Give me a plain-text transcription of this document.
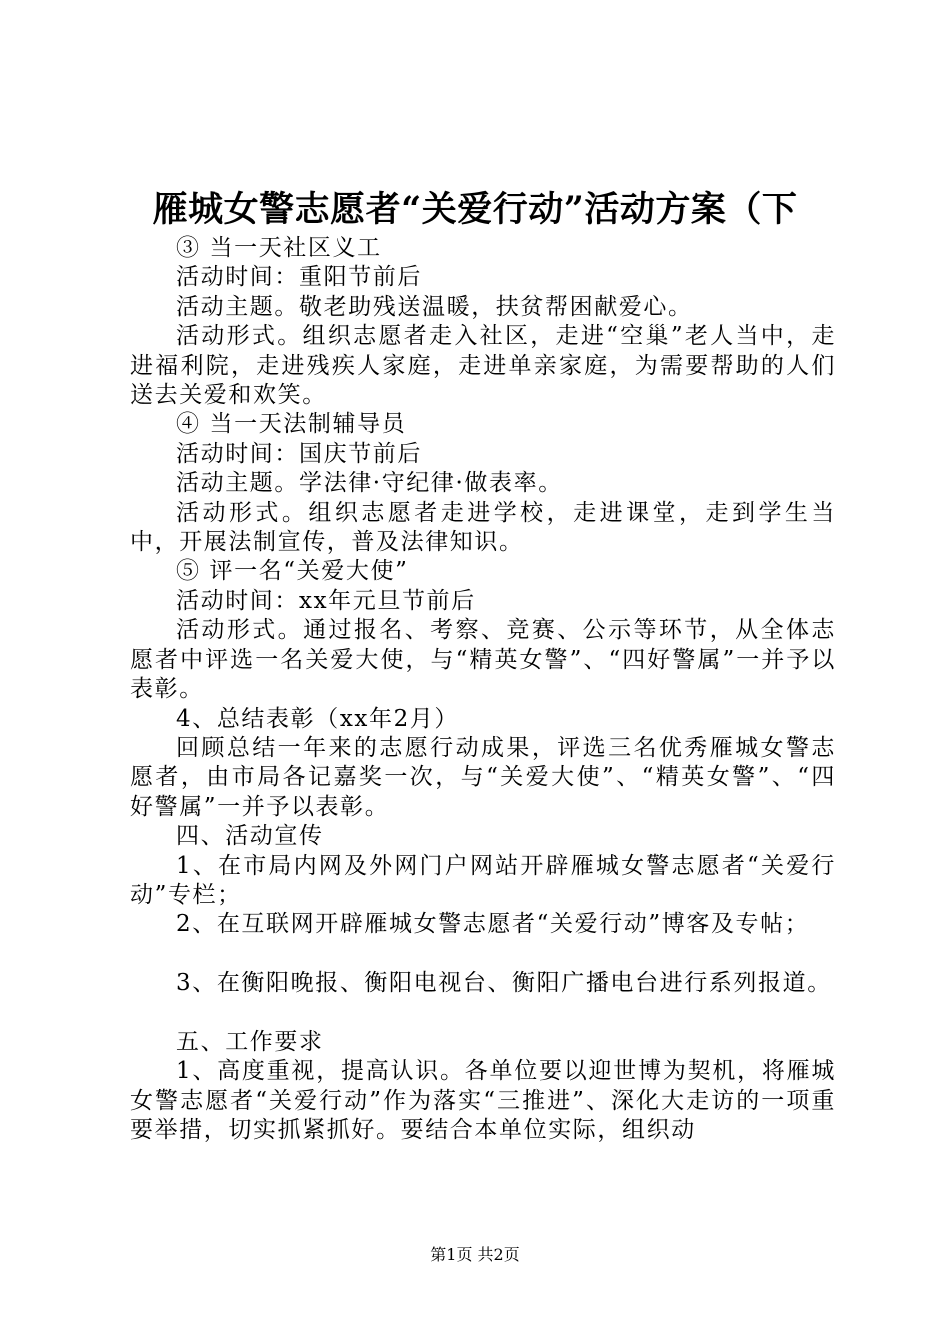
雁城女警志愿者“关爱行动”活动方案（下

③ 当一天社区义工

活动时间：重阳节前后

活动主题。敬老助残送温暖，扶贫帮困献爱心。

活动形式。组织志愿者走入社区，走进“空巢”老人当中，走进福利院，走进残疾人家庭，走进单亲家庭，为需要帮助的人们送去关爱和欢笑。

④ 当一天法制辅导员

活动时间：国庆节前后

活动主题。学法律·守纪律·做表率。

活动形式。组织志愿者走进学校，走进课堂，走到学生当中，开展法制宣传，普及法律知识。

⑤ 评一名“关爱大使”

活动时间：xx年元旦节前后

活动形式。通过报名、考察、竞赛、公示等环节，从全体志愿者中评选一名关爱大使，与“精英女警”、“四好警属”一并予以表彰。

4、总结表彰（xx年2月）

回顾总结一年来的志愿行动成果，评选三名优秀雁城女警志愿者，由市局各记嘉奖一次，与“关爱大使”、“精英女警”、“四好警属”一并予以表彰。

四、活动宣传

1、在市局内网及外网门户网站开辟雁城女警志愿者“关爱行动”专栏；

2、在互联网开辟雁城女警志愿者“关爱行动”博客及专帖；

3、在衡阳晚报、衡阳电视台、衡阳广播电台进行系列报道。

五、工作要求

1、高度重视，提高认识。各单位要以迎世博为契机，将雁城女警志愿者“关爱行动”作为落实“三推进”、深化大走访的一项重要举措，切实抓紧抓好。要结合本单位实际，组织动

第1页 共2页
